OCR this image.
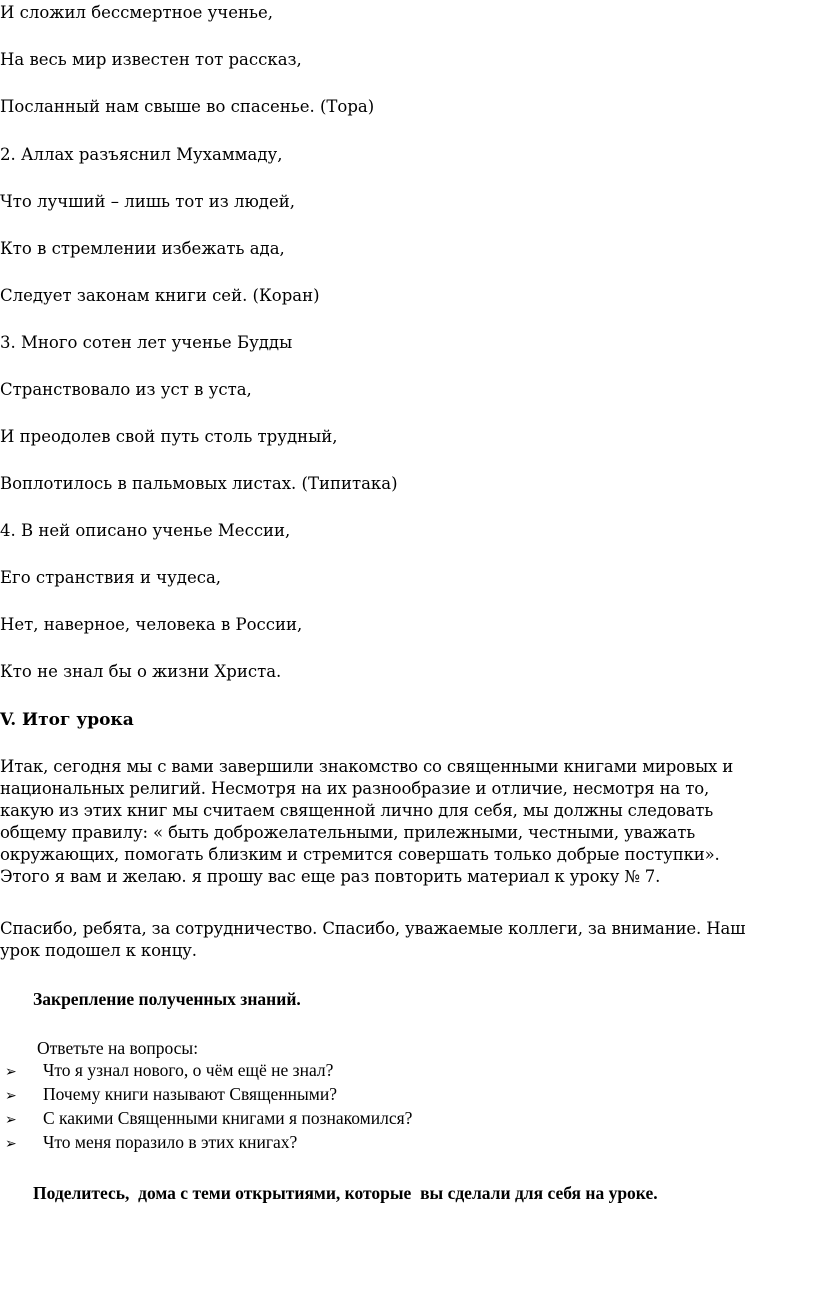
И сложил бессмертное ученье,

На весь мир известен тот рассказ,

Посланный нам свыше во спасенье. (Тора)

2. Аллах разъяснил Мухаммаду,

Что лучший – лишь тот из людей,

Кто в стремлении избежать ада,

Следует законам книги сей. (Коран)

3. Много сотен лет ученье Будды

Странствовало из уст в уста,

И преодолев свой путь столь трудный,

Воплотилось в пальмовых листах. (Типитака)

4. В ней описано ученье Мессии,

Его странствия и чудеса,

Нет, наверное, человека в России,

Кто не знал бы о жизни Христа.

V. Итог урока
Итак, сегодня мы с вами завершили знакомство со священными книгами мировых и
национальных религий. Несмотря на их разнообразие и отличие, несмотря на то,
какую из этих книг мы считаем священной лично для себя, мы должны следовать
общему правилу: « быть доброжелательными, прилежными, честными, уважать
окружающих, помогать близким и стремится совершать только добрые поступки».
Этого я вам и желаю. я прошу вас еще раз повторить материал к уроку № 7.
Спасибо, ребята, за сотрудничество. Спасибо, уважаемые коллеги, за внимание. Наш
урок подошел к концу.

Закрепление полученных знаний.

Ответьте на вопросы:

➢ Что я узнал нового, о чём ещё не знал?
➢ Почему книги называют Священными?
➢ С какими Священными книгами я познакомился?
➢ Что меня поразило в этих книгах?

Поделитесь,  дома с теми открытиями, которые  вы сделали для себя на уроке.
